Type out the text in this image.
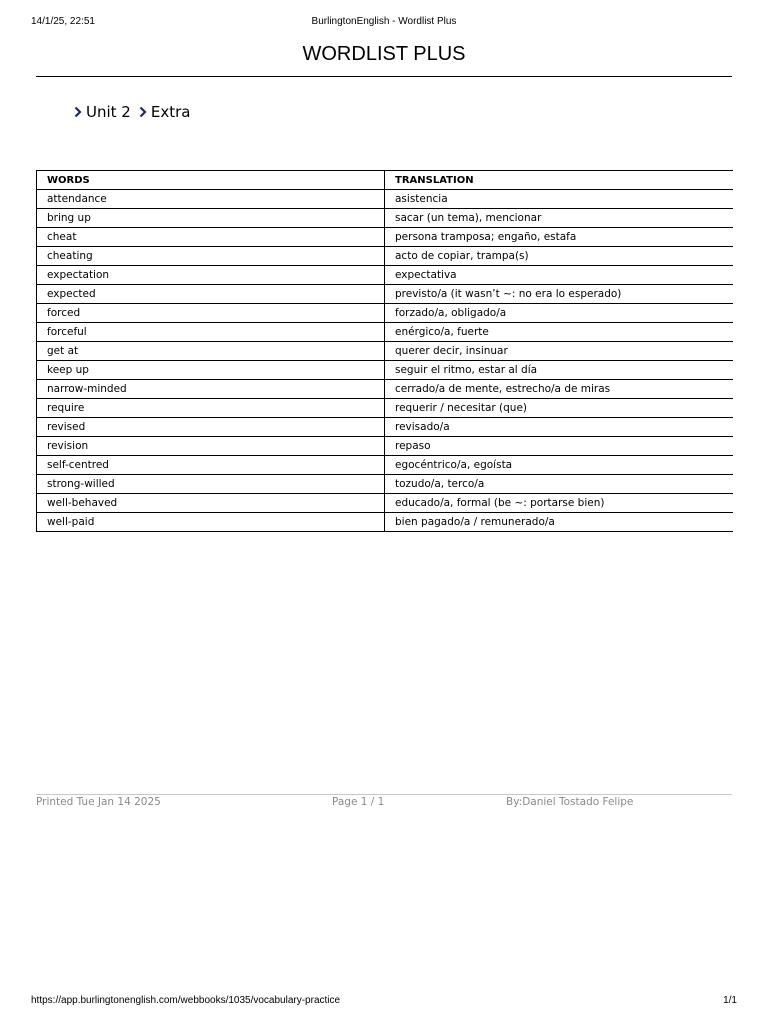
14/1/25, 22:51	BurlingtonEnglish - Wordlist Plus
WORDLIST PLUS
Unit 2 Extra
WORDS	TRANSLATION
attendance	asistencia
bring up	sacar (un tema), mencionar
cheat	persona tramposa; engaño, estafa
cheating	acto de copiar, trampa(s)
expectation	expectativa
expected	previsto/a (it wasn’t ~: no era lo esperado)
forced	forzado/a, obligado/a
forceful	enérgico/a, fuerte
get at	querer decir, insinuar
keep up	seguir el ritmo, estar al día
narrow-minded	cerrado/a de mente, estrecho/a de miras
require	requerir / necesitar (que)
revised	revisado/a
revision	repaso
self-centred	egocéntrico/a, egoísta
strong-willed	tozudo/a, terco/a
well-behaved	educado/a, formal (be ~: portarse bien)
well-paid	bien pagado/a / remunerado/a
Printed Tue Jan 14 2025	Page 1 / 1	By:Daniel Tostado Felipe
https://app.burlingtonenglish.com/webbooks/1035/vocabulary-practice	1/1
